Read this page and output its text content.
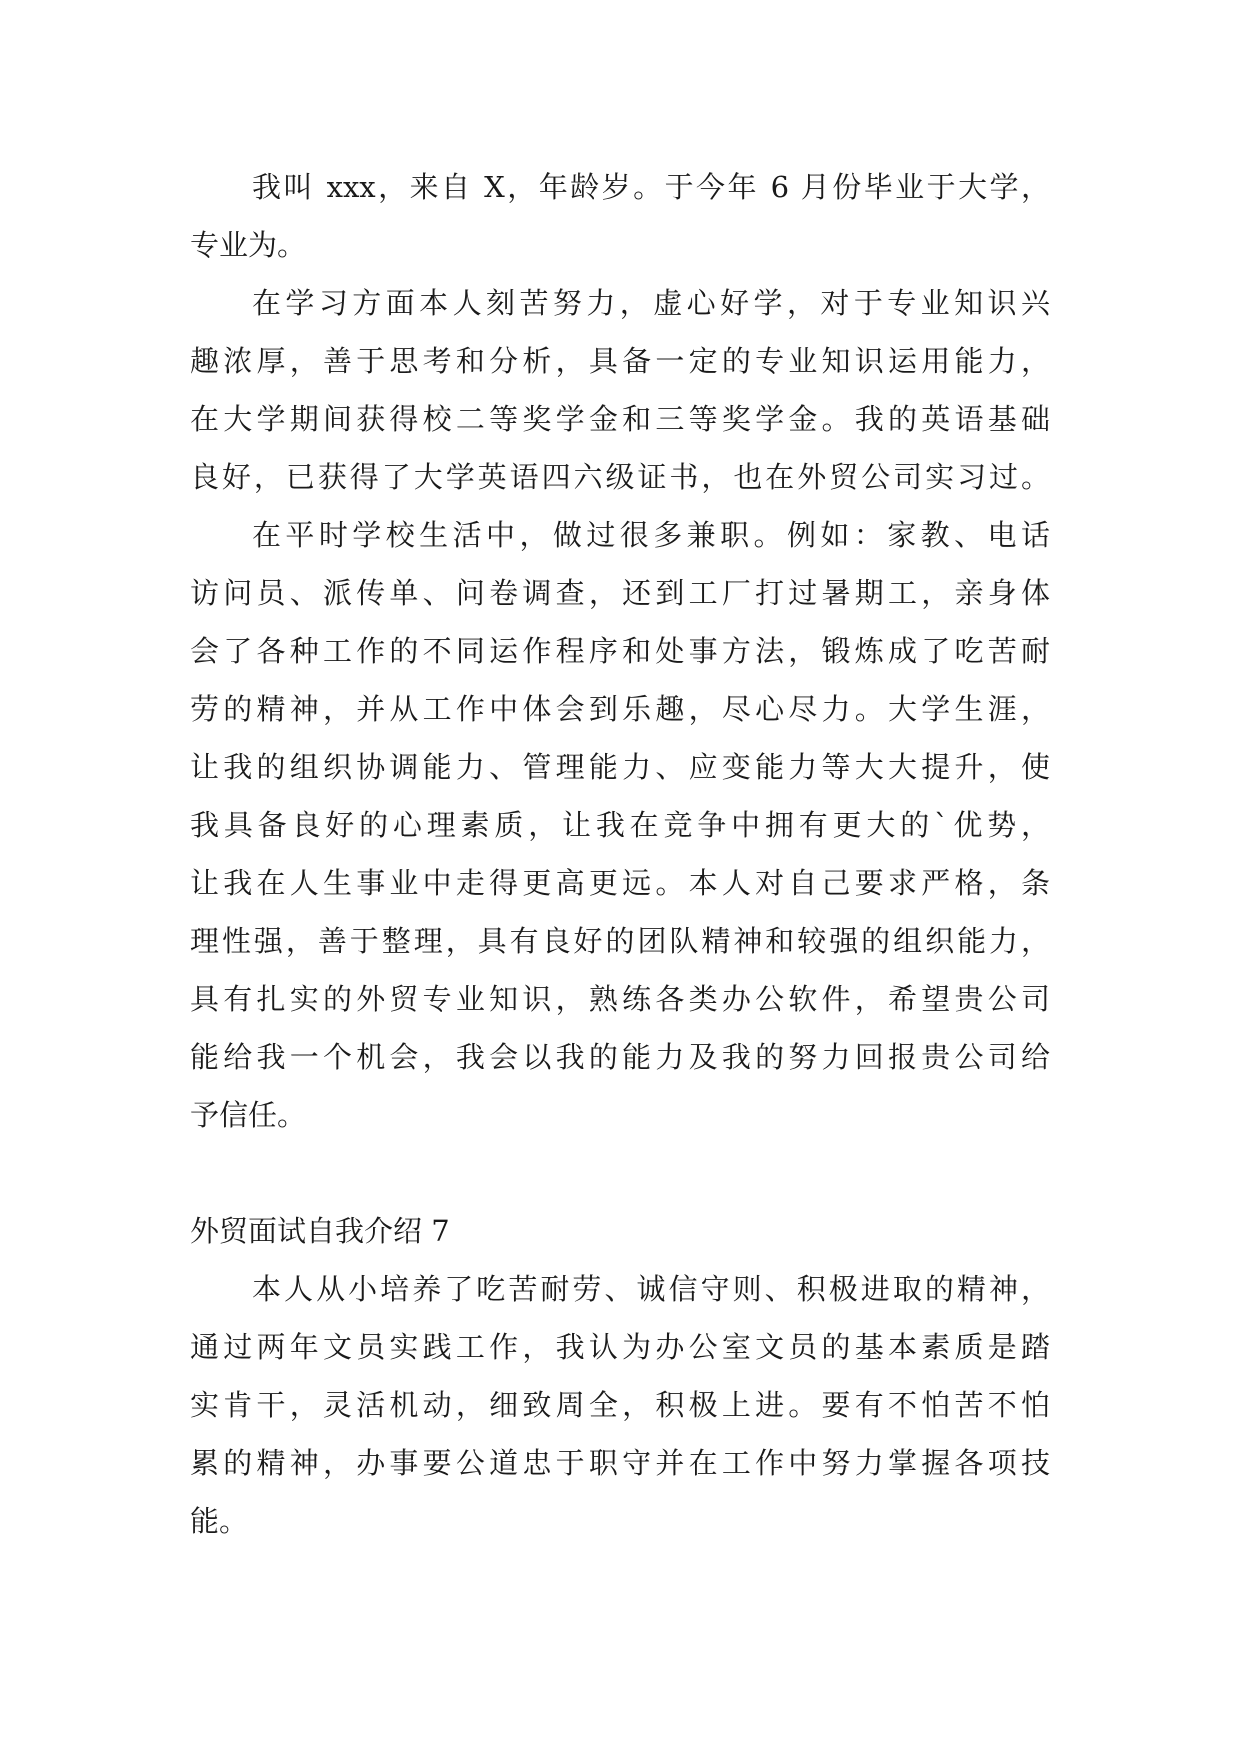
我叫 xxx，来自 X，年龄岁。于今年 6 月份毕业于大学，
专业为。
在学习方面本人刻苦努力，虚心好学，对于专业知识兴
趣浓厚，善于思考和分析，具备一定的专业知识运用能力，
在大学期间获得校二等奖学金和三等奖学金。我的英语基础
良好，已获得了大学英语四六级证书，也在外贸公司实习过。
在平时学校生活中，做过很多兼职。例如：家教、电话
访问员、派传单、问卷调查，还到工厂打过暑期工，亲身体
会了各种工作的不同运作程序和处事方法，锻炼成了吃苦耐
劳的精神，并从工作中体会到乐趣，尽心尽力。大学生涯，
让我的组织协调能力、管理能力、应变能力等大大提升，使
我具备良好的心理素质，让我在竞争中拥有更大的`优势，
让我在人生事业中走得更高更远。本人对自己要求严格，条
理性强，善于整理，具有良好的团队精神和较强的组织能力，
具有扎实的外贸专业知识，熟练各类办公软件，希望贵公司
能给我一个机会，我会以我的能力及我的努力回报贵公司给
予信任。
外贸面试自我介绍 7
本人从小培养了吃苦耐劳、诚信守则、积极进取的精神，
通过两年文员实践工作，我认为办公室文员的基本素质是踏
实肯干，灵活机动，细致周全，积极上进。要有不怕苦不怕
累的精神，办事要公道忠于职守并在工作中努力掌握各项技
能。
